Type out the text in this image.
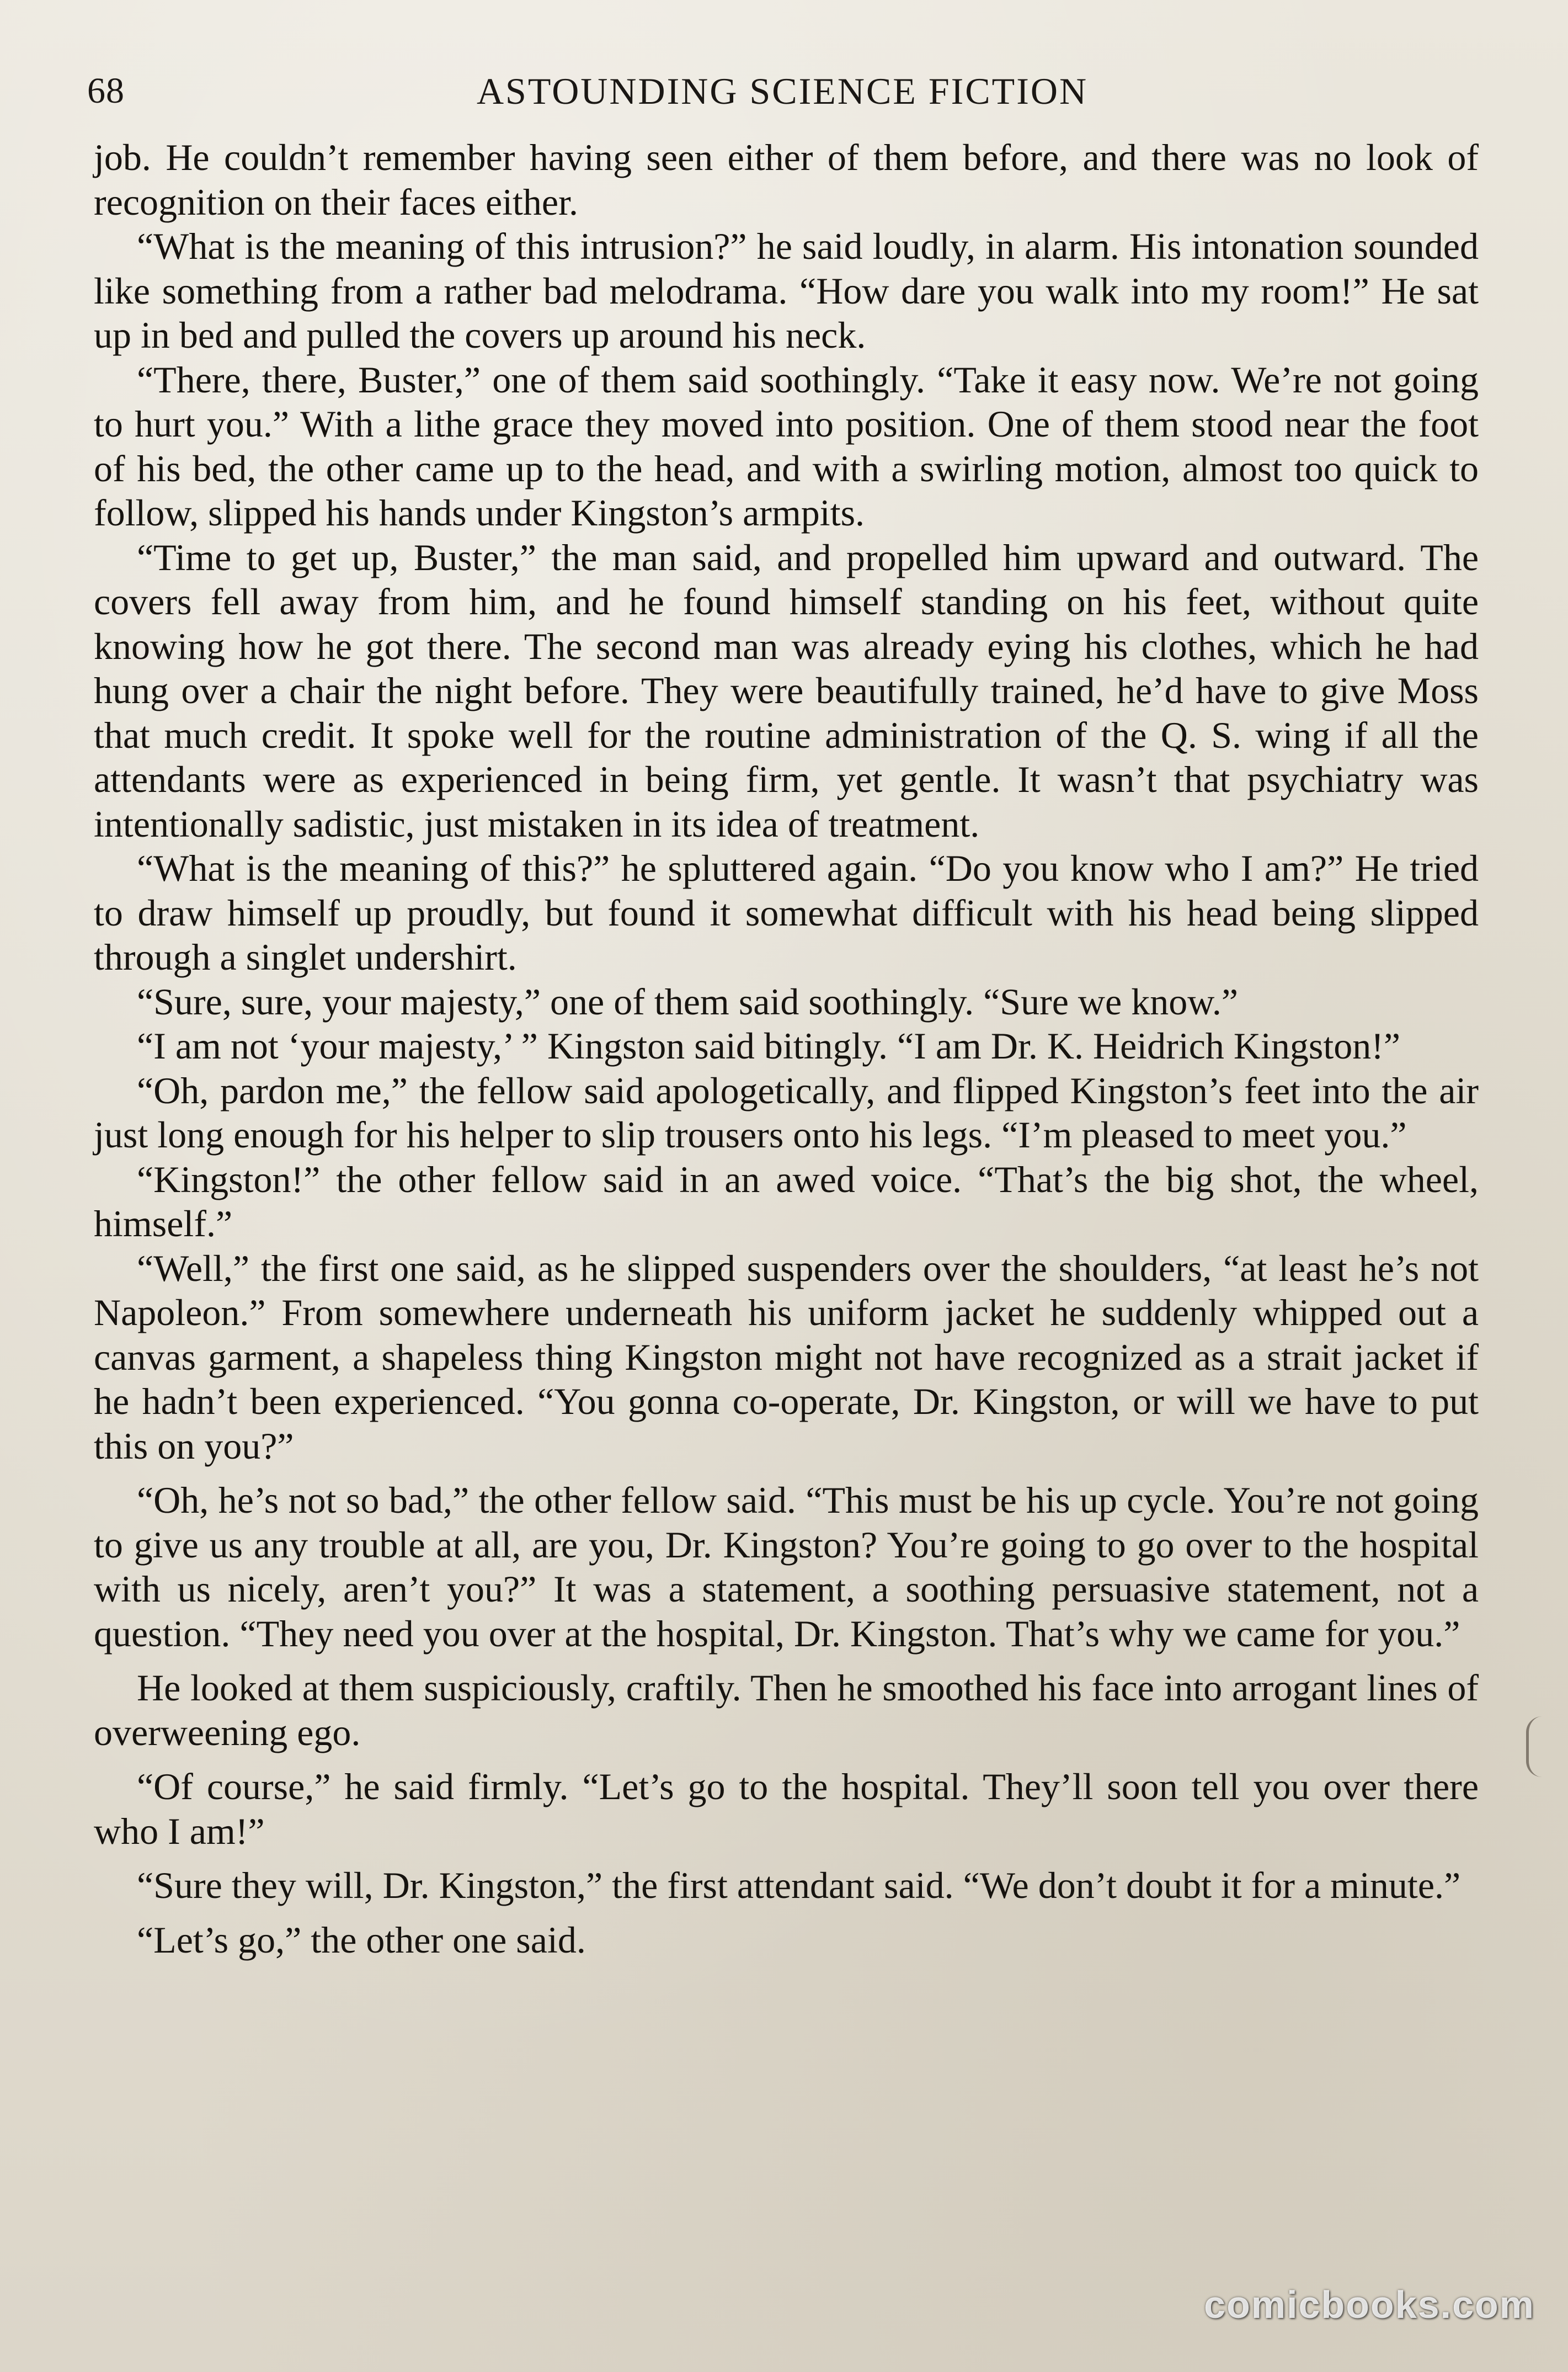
68	ASTOUNDING SCIENCE FICTION

job. He couldn’t remember having seen either of them before, and there was no look of recognition on their faces either.

“What is the meaning of this intrusion?” he said loudly, in alarm. His intonation sounded like something from a rather bad melodrama. “How dare you walk into my room!” He sat up in bed and pulled the covers up around his neck.

“There, there, Buster,” one of them said soothingly. “Take it easy now. We’re not going to hurt you.” With a lithe grace they moved into position. One of them stood near the foot of his bed, the other came up to the head, and with a swirling motion, almost too quick to follow, slipped his hands under Kingston’s armpits.

“Time to get up, Buster,” the man said, and propelled him upward and outward. The covers fell away from him, and he found himself standing on his feet, without quite knowing how he got there. The second man was already eying his clothes, which he had hung over a chair the night before. They were beautifully trained, he’d have to give Moss that much credit. It spoke well for the routine administration of the Q. S. wing if all the attendants were as experienced in being firm, yet gentle. It wasn’t that psychiatry was intentionally sadistic, just mistaken in its idea of treatment.

“What is the meaning of this?” he spluttered again. “Do you know who I am?” He tried to draw himself up proudly, but found it somewhat difficult with his head being slipped through a singlet undershirt.

“Sure, sure, your majesty,” one of them said soothingly. “Sure we know.”

“I am not ‘your majesty,’ ” Kingston said bitingly. “I am Dr. K. Heidrich Kingston!”

“Oh, pardon me,” the fellow said apologetically, and flipped Kingston’s feet into the air just long enough for his helper to slip trousers onto his legs. “I’m pleased to meet you.”

“Kingston!” the other fellow said in an awed voice. “That’s the big shot, the wheel, himself.”

“Well,” the first one said, as he slipped suspenders over the shoulders, “at least he’s not Napoleon.” From somewhere underneath his uniform jacket he suddenly whipped out a canvas garment, a shapeless thing Kingston might not have recognized as a strait jacket if he hadn’t been experienced. “You gonna co-operate, Dr. Kingston, or will we have to put this on you?”

“Oh, he’s not so bad,” the other fellow said. “This must be his up cycle. You’re not going to give us any trouble at all, are you, Dr. Kingston? You’re going to go over to the hospital with us nicely, aren’t you?” It was a statement, a soothing persuasive statement, not a question. “They need you over at the hospital, Dr. Kingston. That’s why we came for you.”

He looked at them suspiciously, craftily. Then he smoothed his face into arrogant lines of overweening ego.

“Of course,” he said firmly. “Let’s go to the hospital. They’ll soon tell you over there who I am!”

“Sure they will, Dr. Kingston,” the first attendant said. “We don’t doubt it for a minute.”

“Let’s go,” the other one said.

comicbooks.com
